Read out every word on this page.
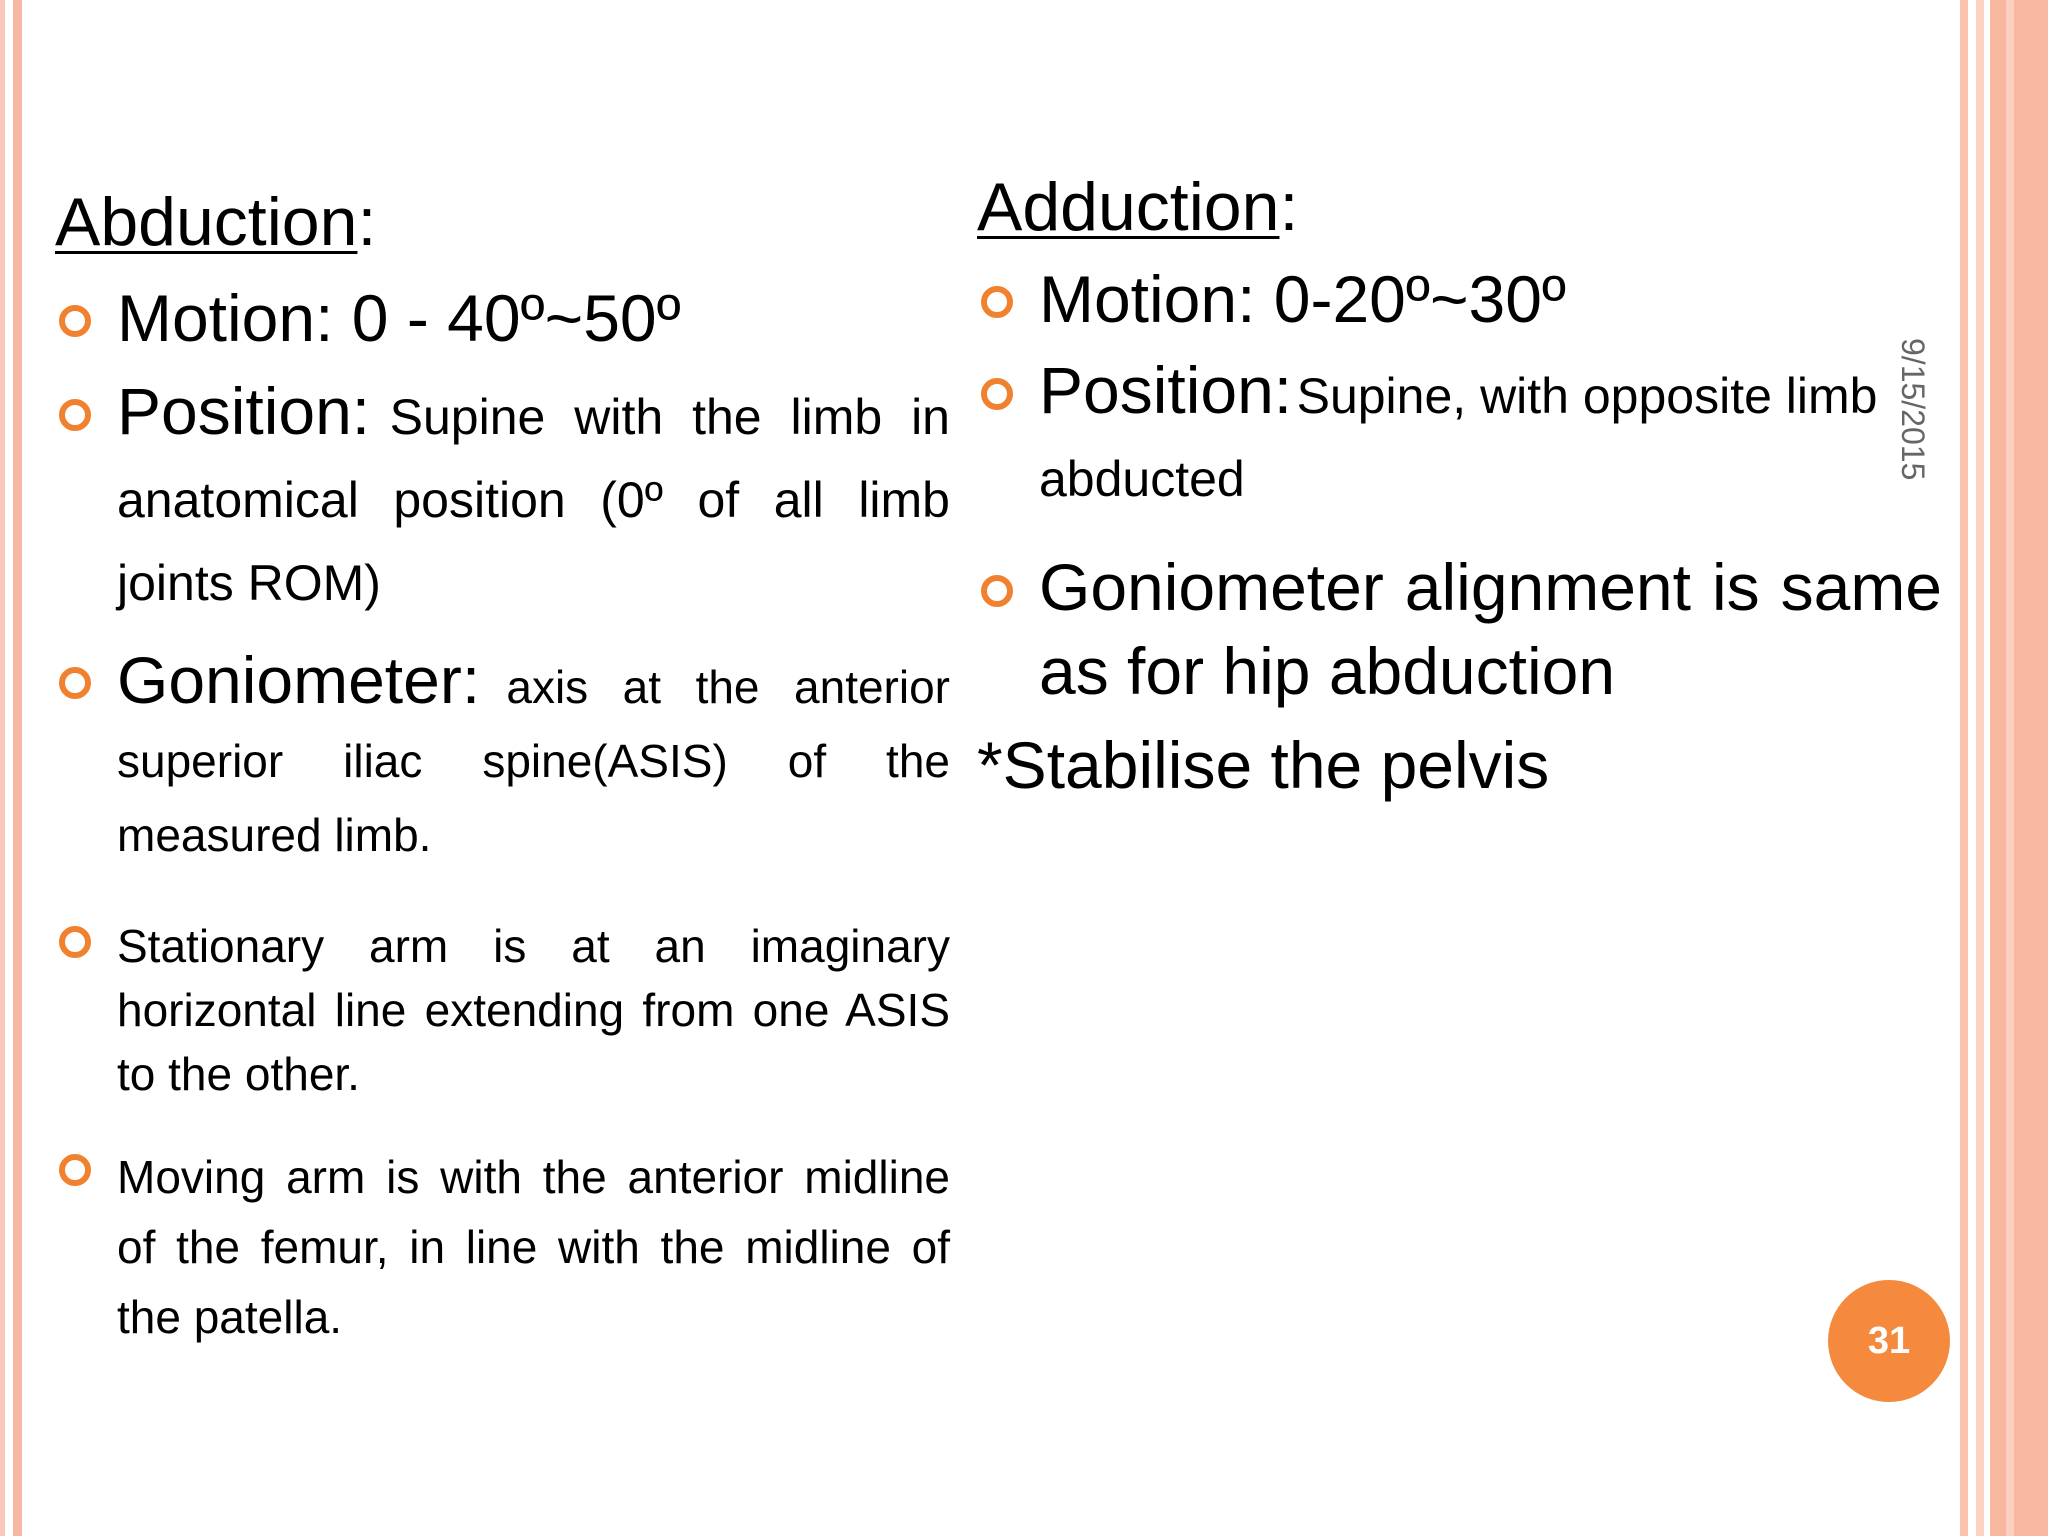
Abduction:
Motion: 0 - 40º~50º
Position: Supine with the limb in anatomical position (0º of all limb joints ROM)
Goniometer: axis at the anterior superior iliac spine(ASIS) of the measured limb.
Stationary arm is at an imaginary horizontal line extending from one ASIS to the other.
Moving arm is with the anterior midline of the femur, in line with the midline of the patella.
Adduction:
Motion: 0-20º~30º
Position: Supine, with opposite limb abducted
Goniometer alignment is same as for hip abduction
*Stabilise the pelvis
9/15/2015
31
